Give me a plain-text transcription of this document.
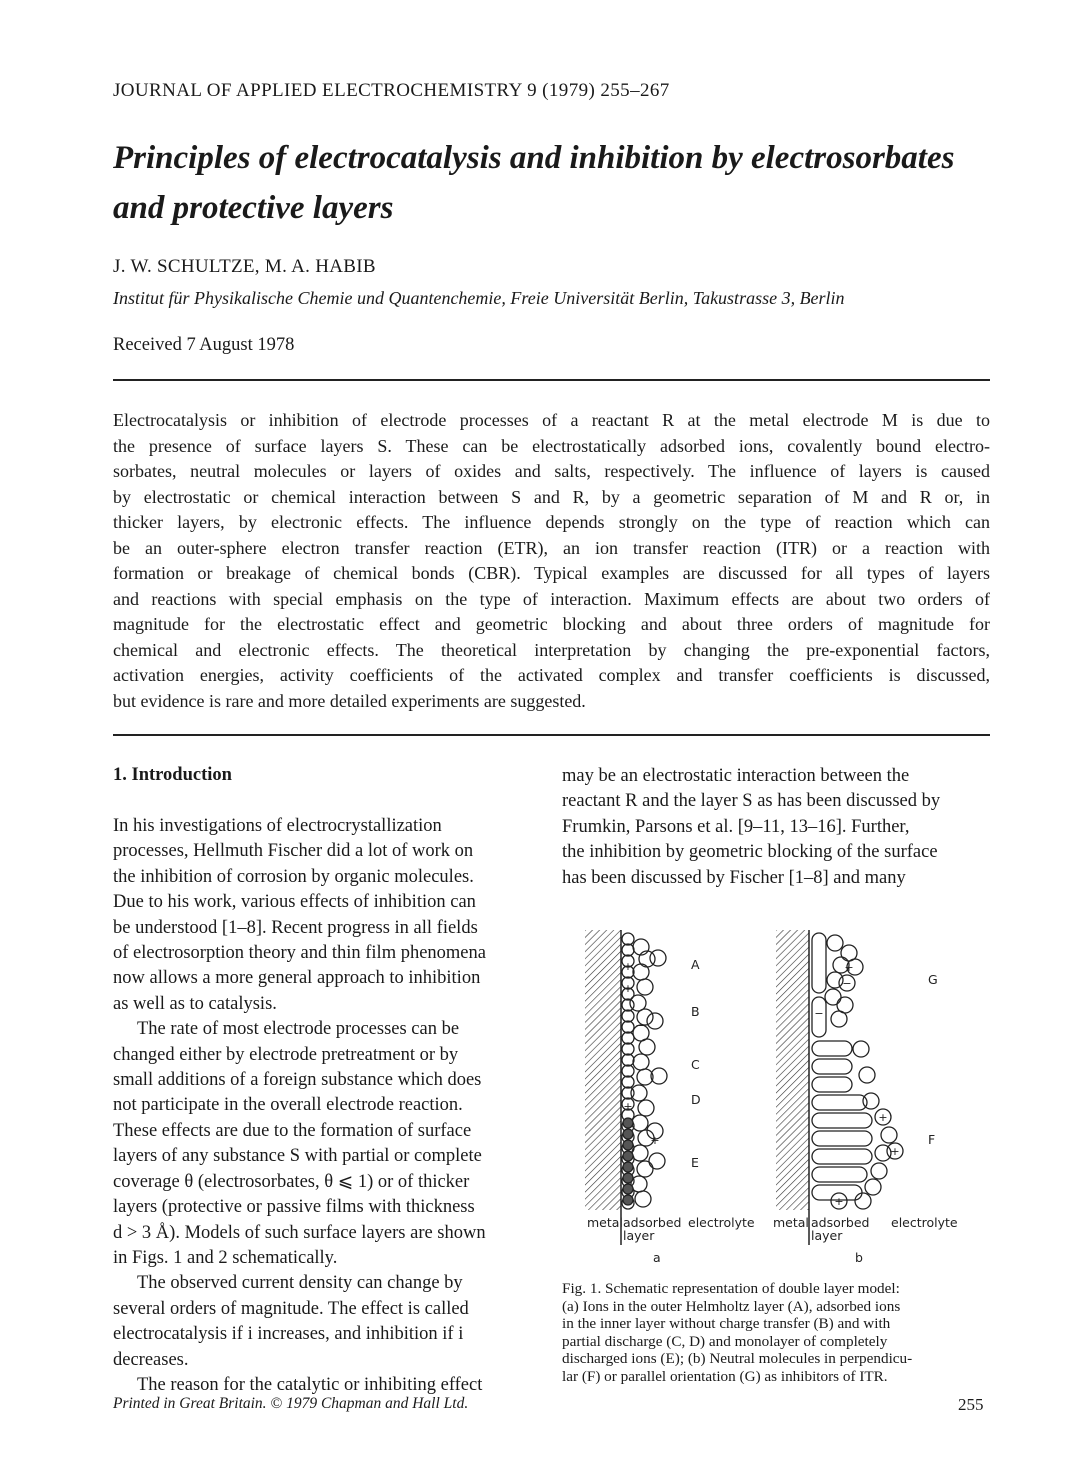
JOURNAL OF APPLIED ELECTROCHEMISTRY 9 (1979) 255–267
Principles of electrocatalysis and inhibition by electrosorbates and protective layers
J. W. SCHULTZE, M. A. HABIB
Institut für Physikalische Chemie und Quantenchemie, Freie Universität Berlin, Takustrasse 3, Berlin
Received 7 August 1978
Electrocatalysis or inhibition of electrode processes of a reactant R at the metal electrode M is due to
the presence of surface layers S. These can be electrostatically adsorbed ions, covalently bound electro-
sorbates, neutral molecules or layers of oxides and salts, respectively. The influence of layers is caused
by electrostatic or chemical interaction between S and R, by a geometric separation of M and R or, in
thicker layers, by electronic effects. The influence depends strongly on the type of reaction which can
be an outer-sphere electron transfer reaction (ETR), an ion transfer reaction (ITR) or a reaction with
formation or breakage of chemical bonds (CBR). Typical examples are discussed for all types of layers
and reactions with special emphasis on the type of interaction. Maximum effects are about two orders of
magnitude for the electrostatic effect and geometric blocking and about three orders of magnitude for
chemical and electronic effects. The theoretical interpretation by changing the pre-exponential factors,
activation energies, activity coefficients of the activated complex and transfer coefficients is discussed,
but evidence is rare and more detailed experiments are suggested.
1. Introduction
In his investigations of electrocrystallization
processes, Hellmuth Fischer did a lot of work on
the inhibition of corrosion by organic molecules.
Due to his work, various effects of inhibition can
be understood [1–8]. Recent progress in all fields
of electrosorption theory and thin film phenomena
now allows a more general approach to inhibition
as well as to catalysis.
The rate of most electrode processes can be
changed either by electrode pretreatment or by
small additions of a foreign substance which does
not participate in the overall electrode reaction.
These effects are due to the formation of surface
layers of any substance S with partial or complete
coverage θ (electrosorbates, θ ⩽ 1) or of thicker
layers (protective or passive films with thickness
d > 3 Å). Models of such surface layers are shown
in Figs. 1 and 2 schematically.
The observed current density can change by
several orders of magnitude. The effect is called
electrocatalysis if i increases, and inhibition if i
decreases.
The reason for the catalytic or inhibiting effect
may be an electrostatic interaction between the
reactant R and the layer S as has been discussed by
Frumkin, Parsons et al. [9–11, 13–16]. Further,
the inhibition by geometric blocking of the surface
has been discussed by Fischer [1–8] and many
+
+
−
+
+
+
−
−
+
+
+
A
B
C
D
E
G
F
metal adsorbed
layer
electrolyte
a
metal adsorbed
layer
electrolyte
b
Fig. 1. Schematic representation of double layer model:
(a) Ions in the outer Helmholtz layer (A), adsorbed ions
in the inner layer without charge transfer (B) and with
partial discharge (C, D) and monolayer of completely
discharged ions (E); (b) Neutral molecules in perpendicu-
lar (F) or parallel orientation (G) as inhibitors of ITR.
Printed in Great Britain. © 1979 Chapman and Hall Ltd.	255
